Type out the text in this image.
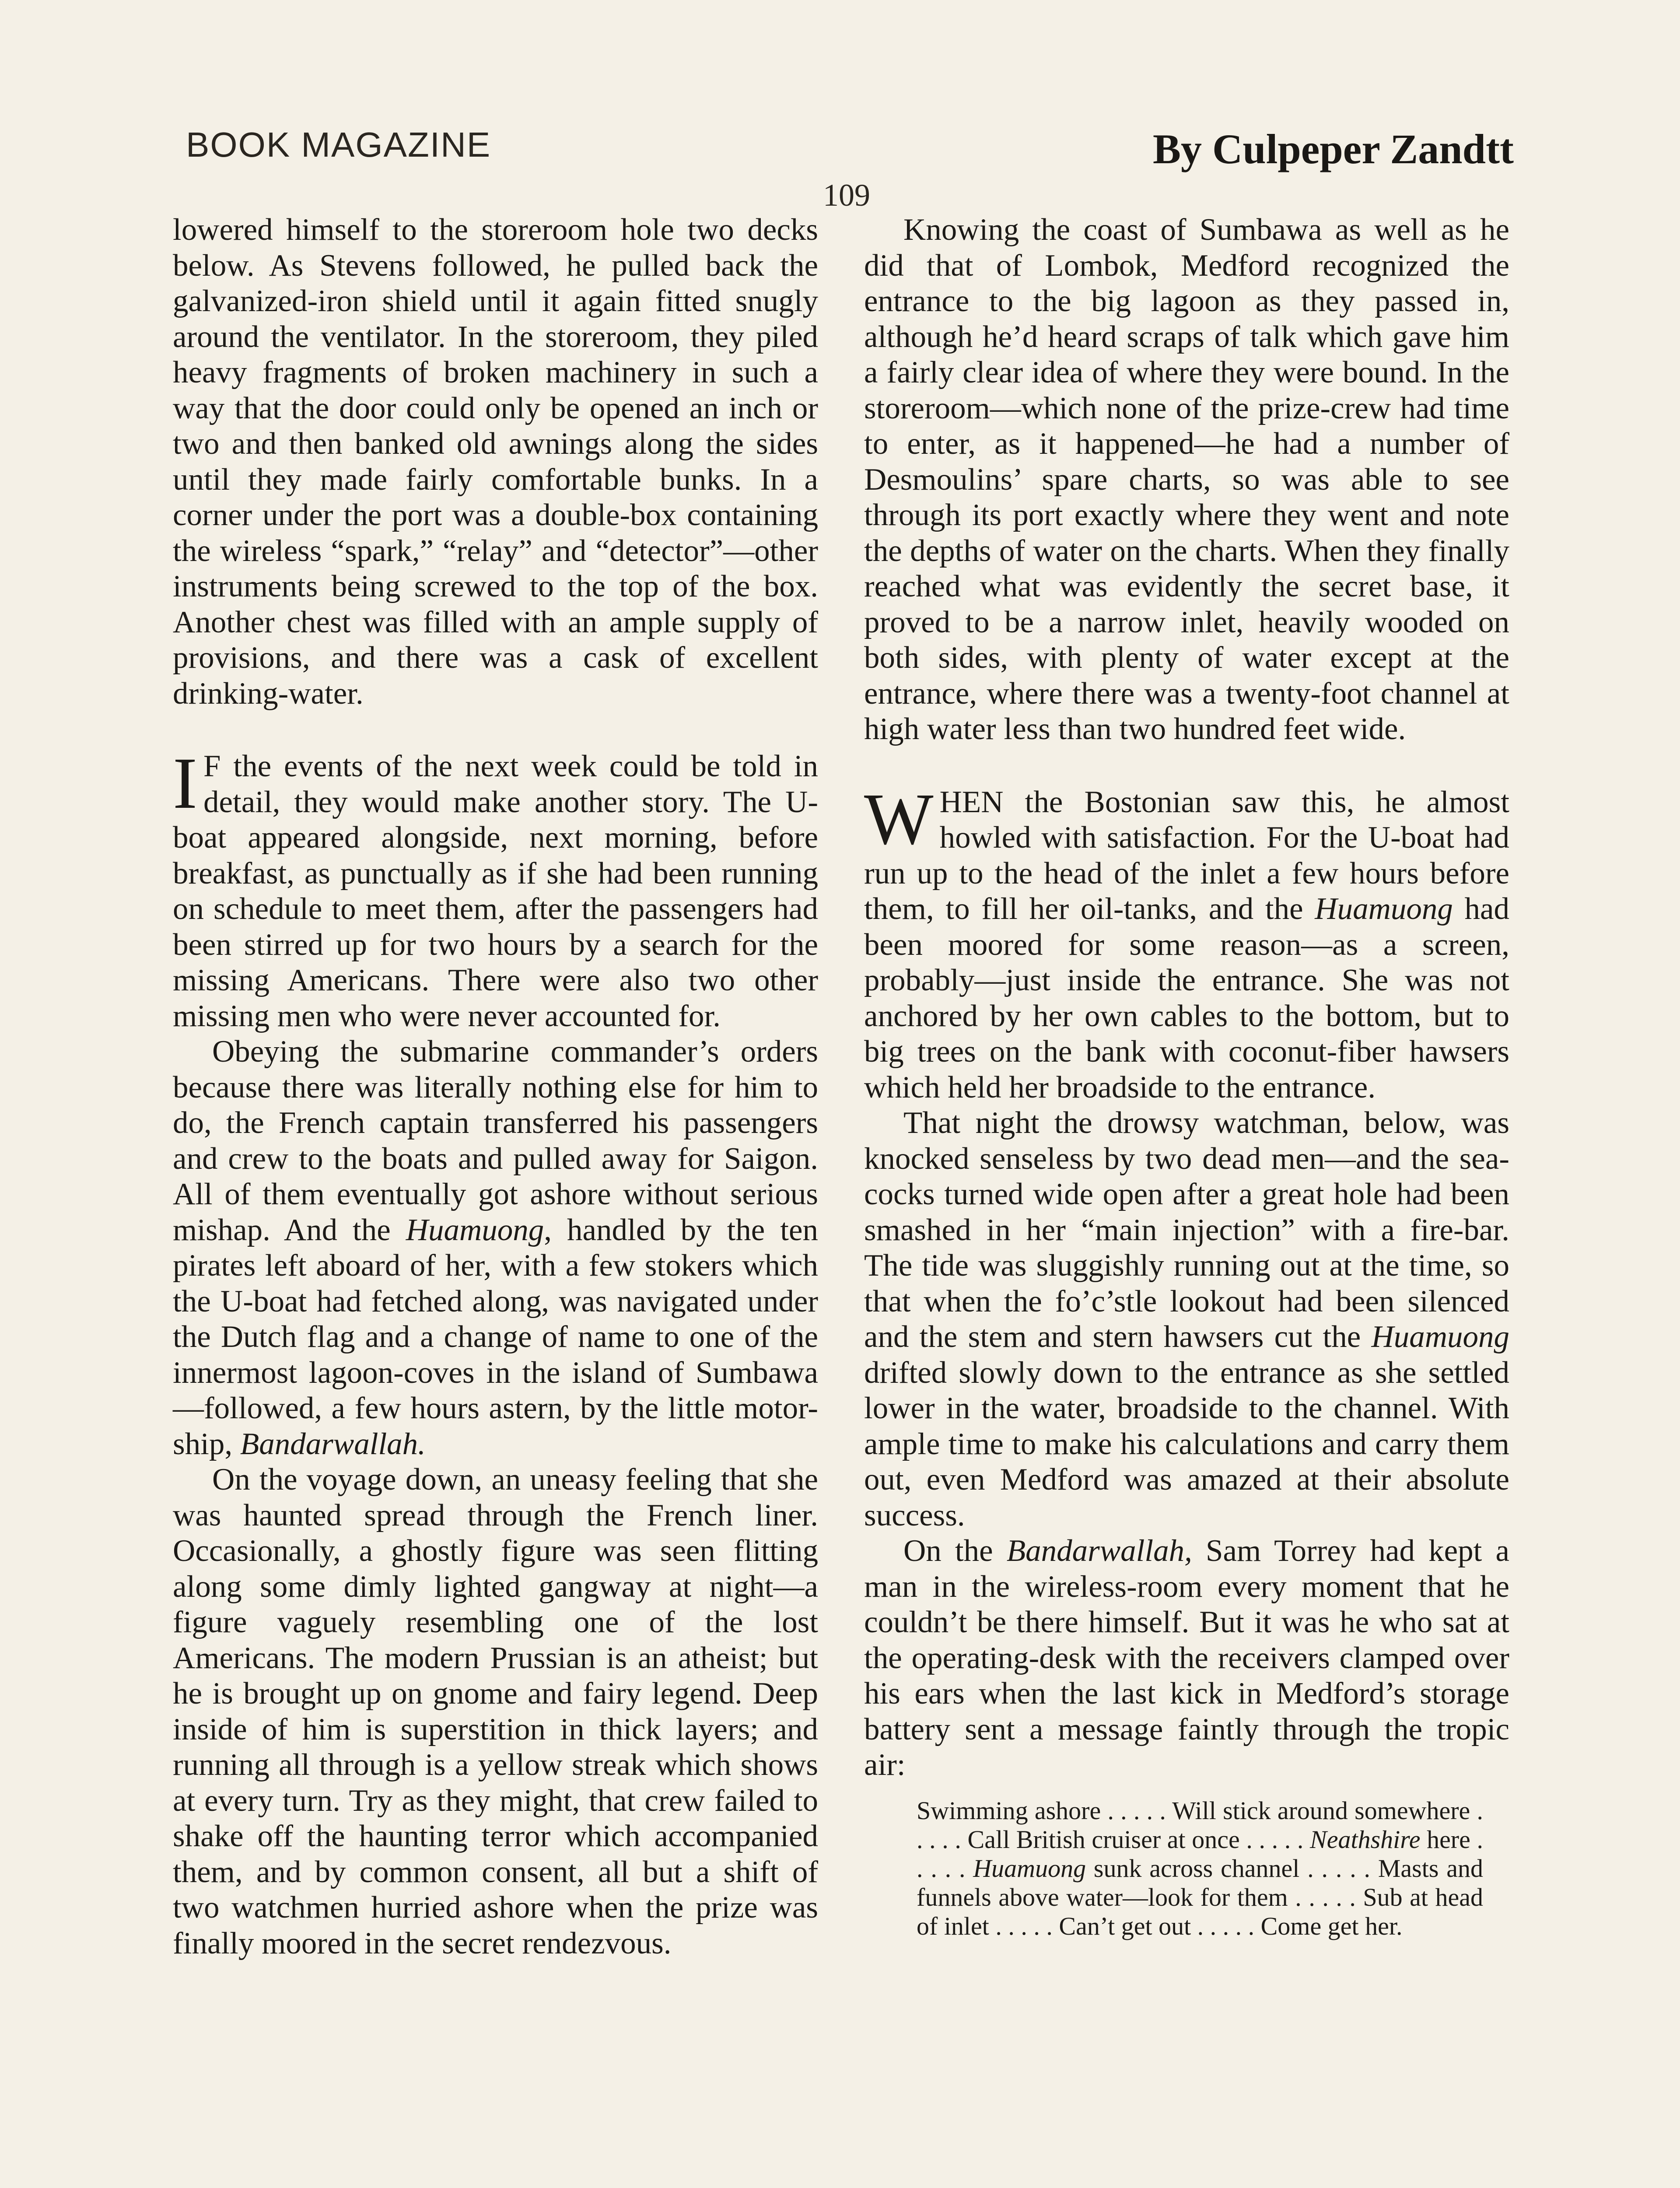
BOOK MAGAZINE	By Culpeper Zandtt
109

lowered himself to the storeroom hole two decks below. As Stevens followed, he pulled back the galvanized-iron shield until it again fitted snugly around the ventilator. In the storeroom, they piled heavy fragments of broken machinery in such a way that the door could only be opened an inch or two and then banked old awnings along the sides until they made fairly comfortable bunks. In a corner under the port was a double-box containing the wireless “spark,” “relay” and “detector”—other instruments being screwed to the top of the box. Another chest was filled with an ample supply of provisions, and there was a cask of excellent drinking-water.

I F the events of the next week could be told in detail, they would make another story. The U-boat appeared alongside, next morning, before breakfast, as punctually as if she had been running on schedule to meet them, after the passengers had been stirred up for two hours by a search for the missing Americans. There were also two other missing men who were never accounted for.

Obeying the submarine commander’s orders because there was literally nothing else for him to do, the French captain transferred his passengers and crew to the boats and pulled away for Saigon. All of them eventually got ashore without serious mishap. And the Huamuong, handled by the ten pirates left aboard of her, with a few stokers which the U-boat had fetched along, was navigated under the Dutch flag and a change of name to one of the innermost lagoon-coves in the island of Sumbawa—followed, a few hours astern, by the little motor-ship, Bandarwallah.

On the voyage down, an uneasy feeling that she was haunted spread through the French liner. Occasionally, a ghostly figure was seen flitting along some dimly lighted gangway at night—a figure vaguely resembling one of the lost Americans. The modern Prussian is an atheist; but he is brought up on gnome and fairy legend. Deep inside of him is superstition in thick layers; and running all through is a yellow streak which shows at every turn. Try as they might, that crew failed to shake off the haunting terror which accompanied them, and by common consent, all but a shift of two watchmen hurried ashore when the prize was finally moored in the secret rendezvous.

Knowing the coast of Sumbawa as well as he did that of Lombok, Medford recognized the entrance to the big lagoon as they passed in, although he’d heard scraps of talk which gave him a fairly clear idea of where they were bound. In the storeroom—which none of the prize-crew had time to enter, as it happened—he had a number of Desmoulins’ spare charts, so was able to see through its port exactly where they went and note the depths of water on the charts. When they finally reached what was evidently the secret base, it proved to be a narrow inlet, heavily wooded on both sides, with plenty of water except at the entrance, where there was a twenty-foot channel at high water less than two hundred feet wide.

WHEN the Bostonian saw this, he almost howled with satisfaction. For the U-boat had run up to the head of the inlet a few hours before them, to fill her oil-tanks, and the Huamuong had been moored for some reason—as a screen, probably—just inside the entrance. She was not anchored by her own cables to the bottom, but to big trees on the bank with coconut-fiber hawsers which held her broadside to the entrance.

That night the drowsy watchman, below, was knocked senseless by two dead men—and the sea-cocks turned wide open after a great hole had been smashed in her “main injection” with a fire-bar. The tide was sluggishly running out at the time, so that when the fo’c’stle lookout had been silenced and the stem and stern hawsers cut the Huamuong drifted slowly down to the entrance as she settled lower in the water, broadside to the channel. With ample time to make his calculations and carry them out, even Medford was amazed at their absolute success.

On the Bandarwallah, Sam Torrey had kept a man in the wireless-room every moment that he couldn’t be there himself. But it was he who sat at the operating-desk with the receivers clamped over his ears when the last kick in Medford’s storage battery sent a message faintly through the tropic air:

Swimming ashore . . . . . Will stick around somewhere . . . . . Call British cruiser at once . . . . . Neathshire here . . . . . Huamuong sunk across channel . . . . . Masts and funnels above water—look for them . . . . . Sub at head of inlet . . . . . Can’t get out . . . . . Come get her.
